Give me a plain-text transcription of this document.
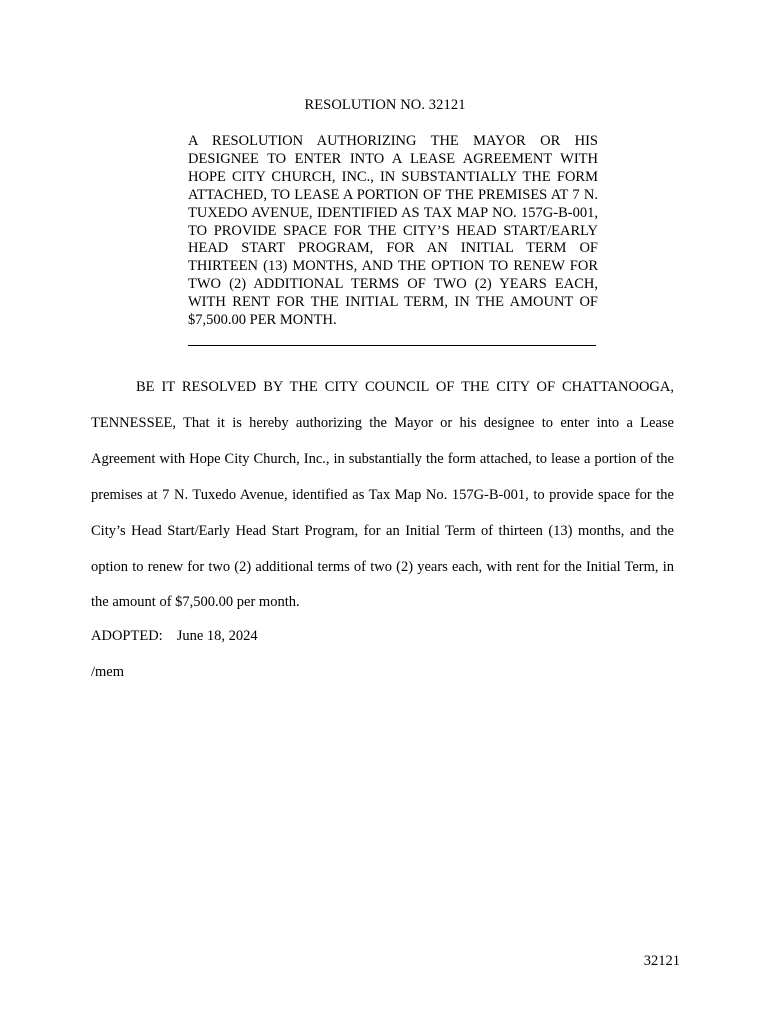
RESOLUTION NO. 32121
A RESOLUTION AUTHORIZING THE MAYOR OR HIS DESIGNEE TO ENTER INTO A LEASE AGREEMENT WITH HOPE CITY CHURCH, INC., IN SUBSTANTIALLY THE FORM ATTACHED, TO LEASE A PORTION OF THE PREMISES AT 7 N. TUXEDO AVENUE, IDENTIFIED AS TAX MAP NO. 157G-B-001, TO PROVIDE SPACE FOR THE CITY’S HEAD START/EARLY HEAD START PROGRAM, FOR AN INITIAL TERM OF THIRTEEN (13) MONTHS, AND THE OPTION TO RENEW FOR TWO (2) ADDITIONAL TERMS OF TWO (2) YEARS EACH, WITH RENT FOR THE INITIAL TERM, IN THE AMOUNT OF $7,500.00 PER MONTH.
BE IT RESOLVED BY THE CITY COUNCIL OF THE CITY OF CHATTANOOGA, TENNESSEE, That it is hereby authorizing the Mayor or his designee to enter into a Lease Agreement with Hope City Church, Inc., in substantially the form attached, to lease a portion of the premises at 7 N. Tuxedo Avenue, identified as Tax Map No. 157G-B-001, to provide space for the City’s Head Start/Early Head Start Program, for an Initial Term of thirteen (13) months, and the option to renew for two (2) additional terms of two (2) years each, with rent for the Initial Term, in the amount of $7,500.00 per month.
ADOPTED: June 18, 2024
/mem
32121
